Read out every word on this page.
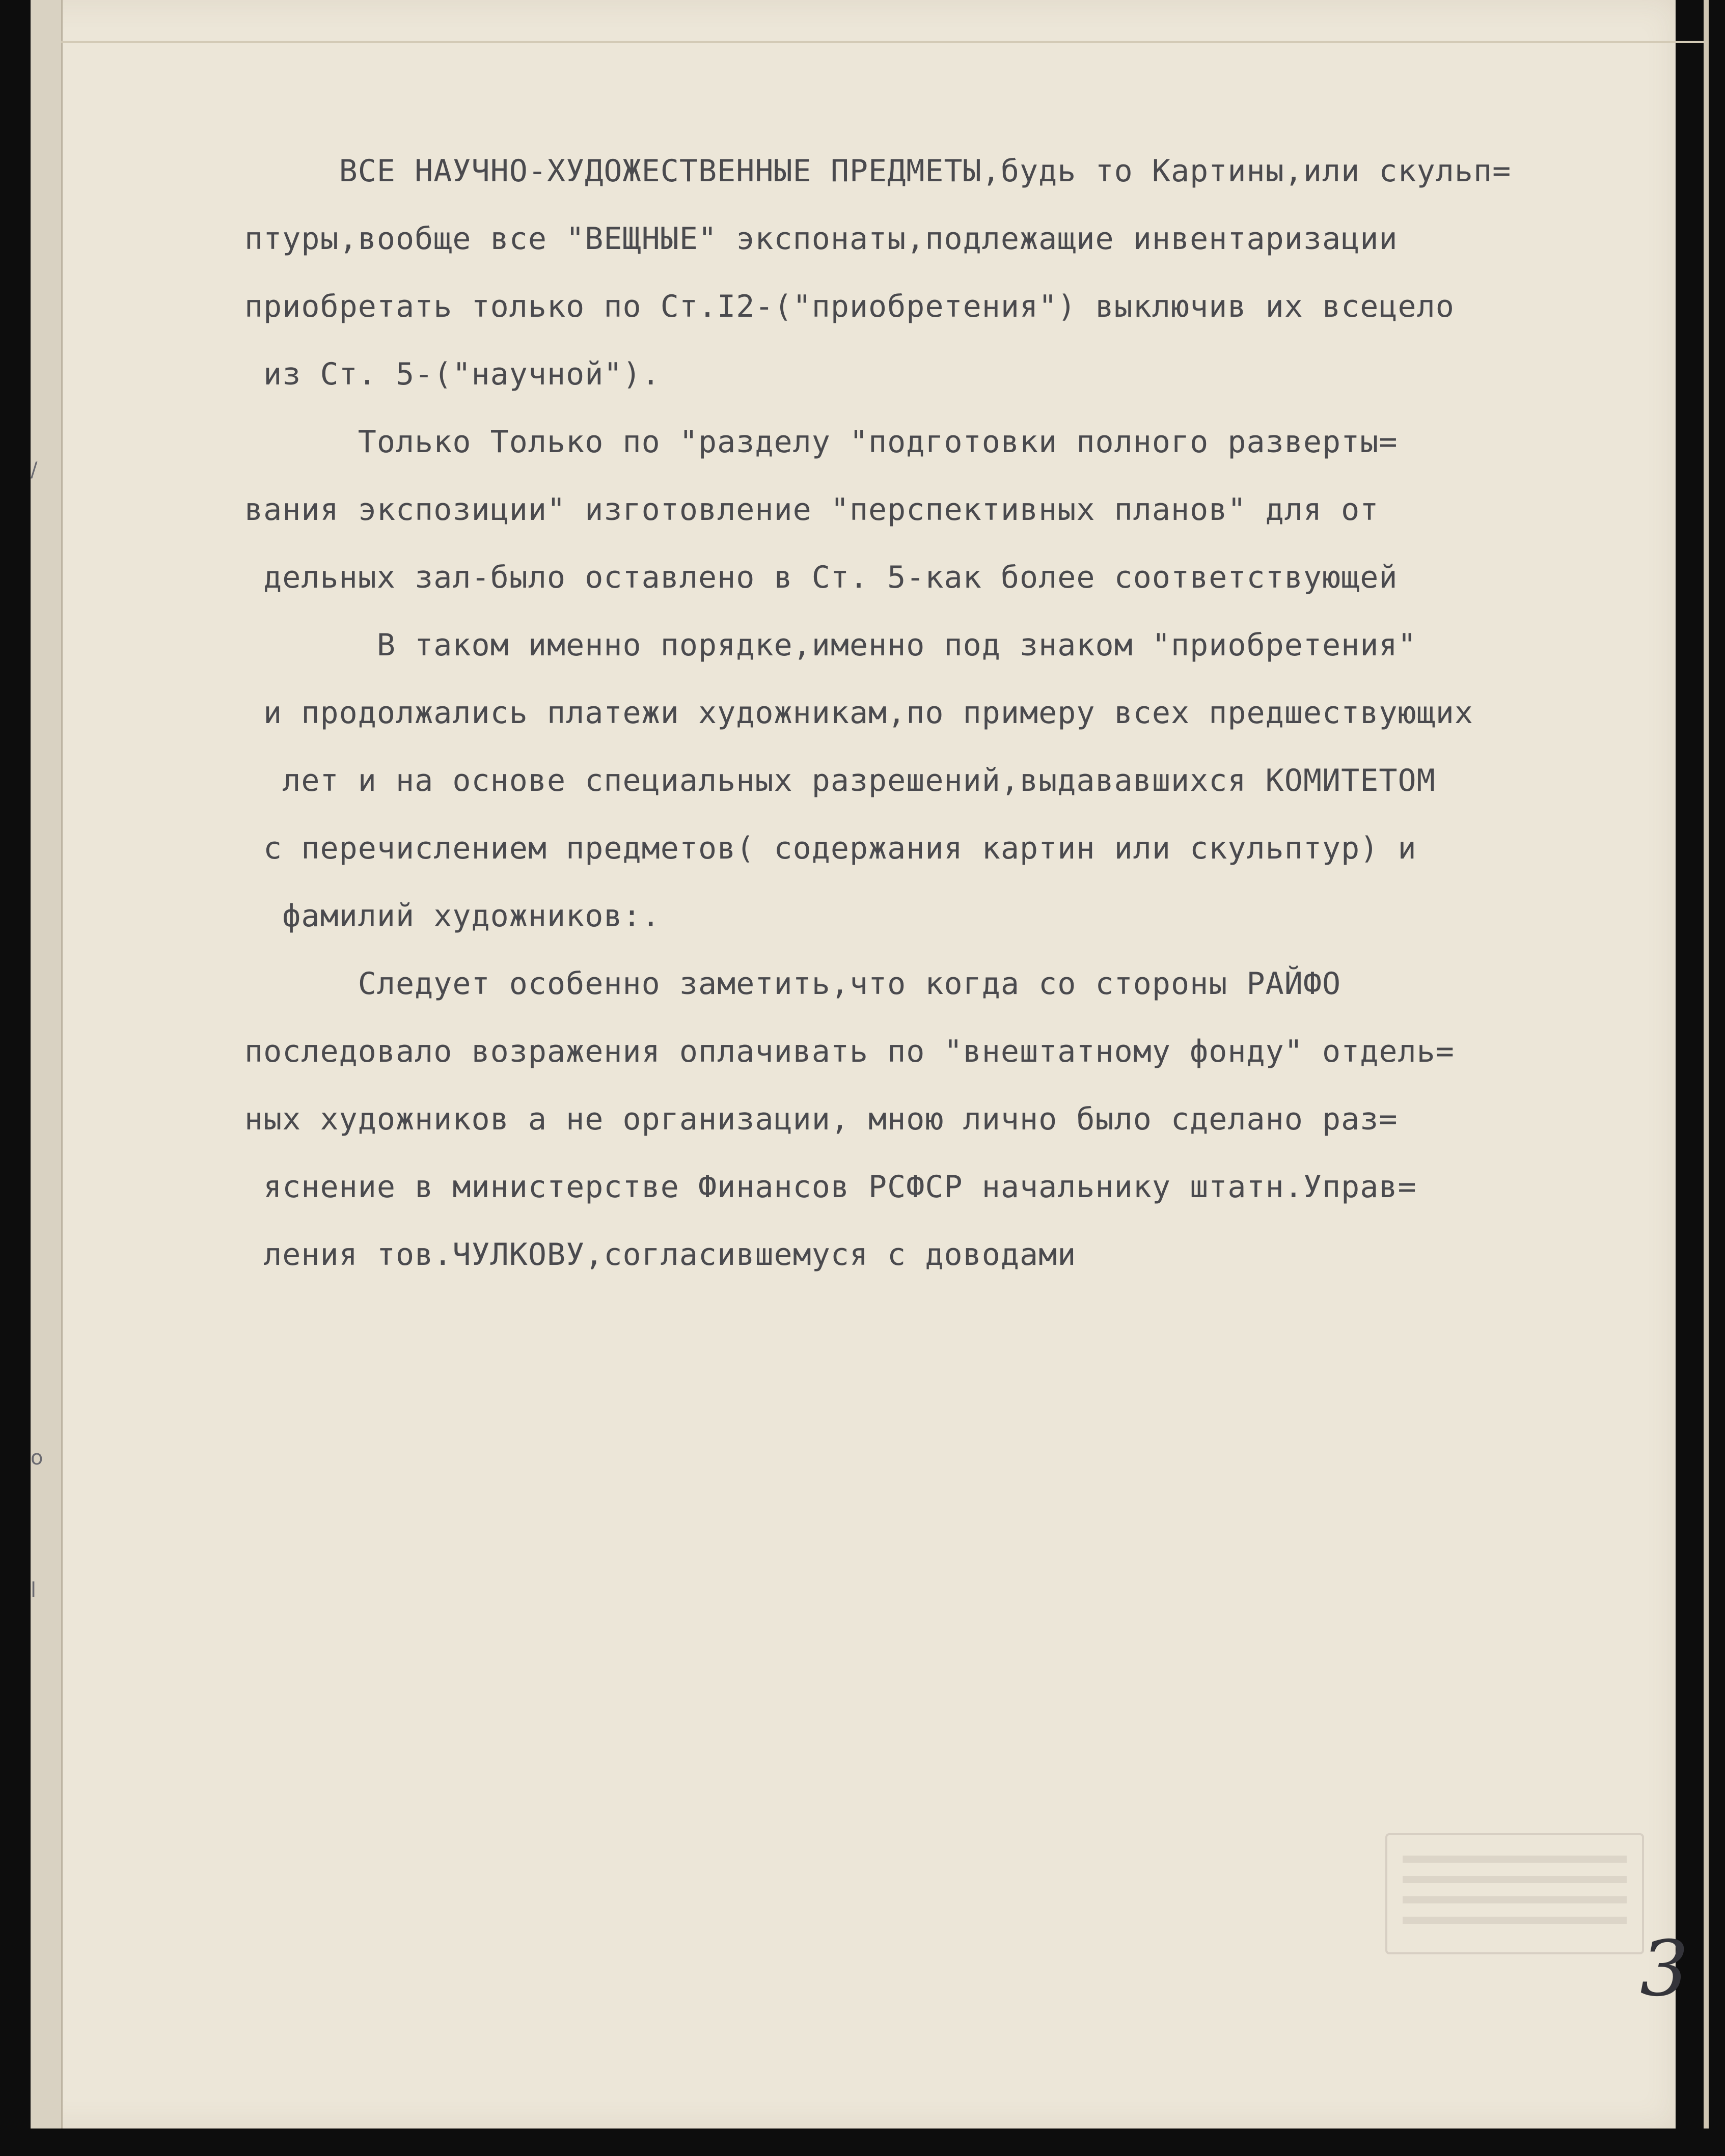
/
o
l
ВСЕ НАУЧНО-ХУДОЖЕСТВЕННЫЕ ПРЕДМЕТЫ,будь то Картины,или скульп=
птуры,вообще все "ВЕЩНЫЕ" экспонаты,подлежащие инвентаризации
приобретать только по Ст.I2-("приобретения") выключив их всецело
из Ст. 5-("научной").
Только Только по "разделу "подготовки полного разверты=
вания экспозиции" изготовление "перспективных планов" для от
дельных зал-было оставлено в Ст. 5-как более соответствующей
В таком именно порядке,именно под знаком "приобретения"
и продолжались платежи художникам,по примеру всех предшествующих
лет и на основе специальных разрешений,выдававшихся КОМИТЕТОМ
с перечислением предметов( содержания картин или скульптур) и
фамилий художников:.
Следует особенно заметить,что когда со стороны РАЙФО
последовало возражения оплачивать по "внештатному фонду" отдель=
ных художников а не организации, мною лично было сделано раз=
яснение в министерстве Финансов РСФСР начальнику штатн.Управ=
ления тов.ЧУЛКОВУ,согласившемуся с доводами
3
